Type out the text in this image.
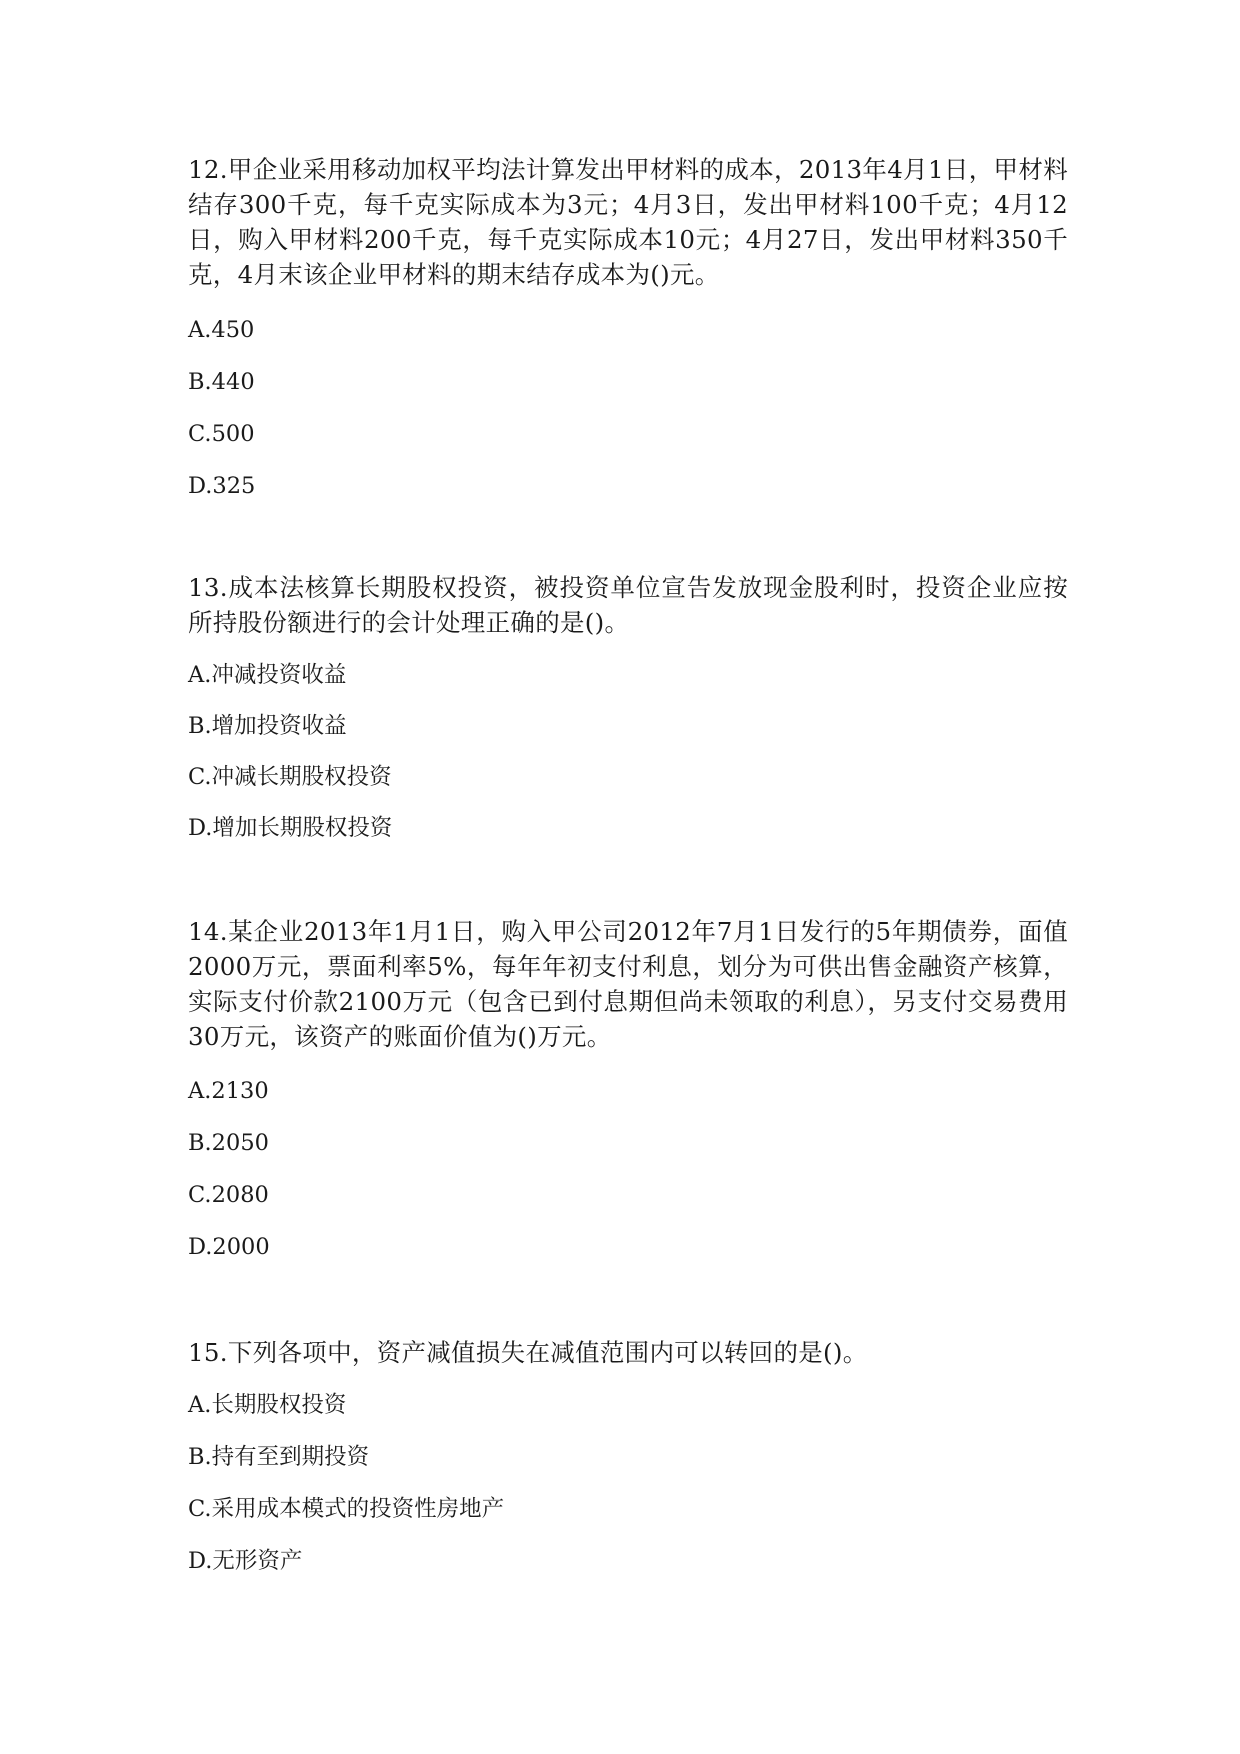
12.甲企业采用移动加权平均法计算发出甲材料的成本，2013年4月1日，甲材料结存300千克，每千克实际成本为3元；4月3日，发出甲材料100千克；4月12日，购入甲材料200千克，每千克实际成本10元；4月27日，发出甲材料350千克，4月末该企业甲材料的期末结存成本为()元。

A.450
B.440
C.500
D.325

13.成本法核算长期股权投资，被投资单位宣告发放现金股利时，投资企业应按所持股份额进行的会计处理正确的是()。

A.冲减投资收益
B.增加投资收益
C.冲减长期股权投资
D.增加长期股权投资

14.某企业2013年1月1日，购入甲公司2012年7月1日发行的5年期债券，面值2000万元，票面利率5%，每年年初支付利息，划分为可供出售金融资产核算，实际支付价款2100万元（包含已到付息期但尚未领取的利息），另支付交易费用30万元，该资产的账面价值为()万元。

A.2130
B.2050
C.2080
D.2000

15.下列各项中，资产减值损失在减值范围内可以转回的是()。

A.长期股权投资
B.持有至到期投资
C.采用成本模式的投资性房地产
D.无形资产
